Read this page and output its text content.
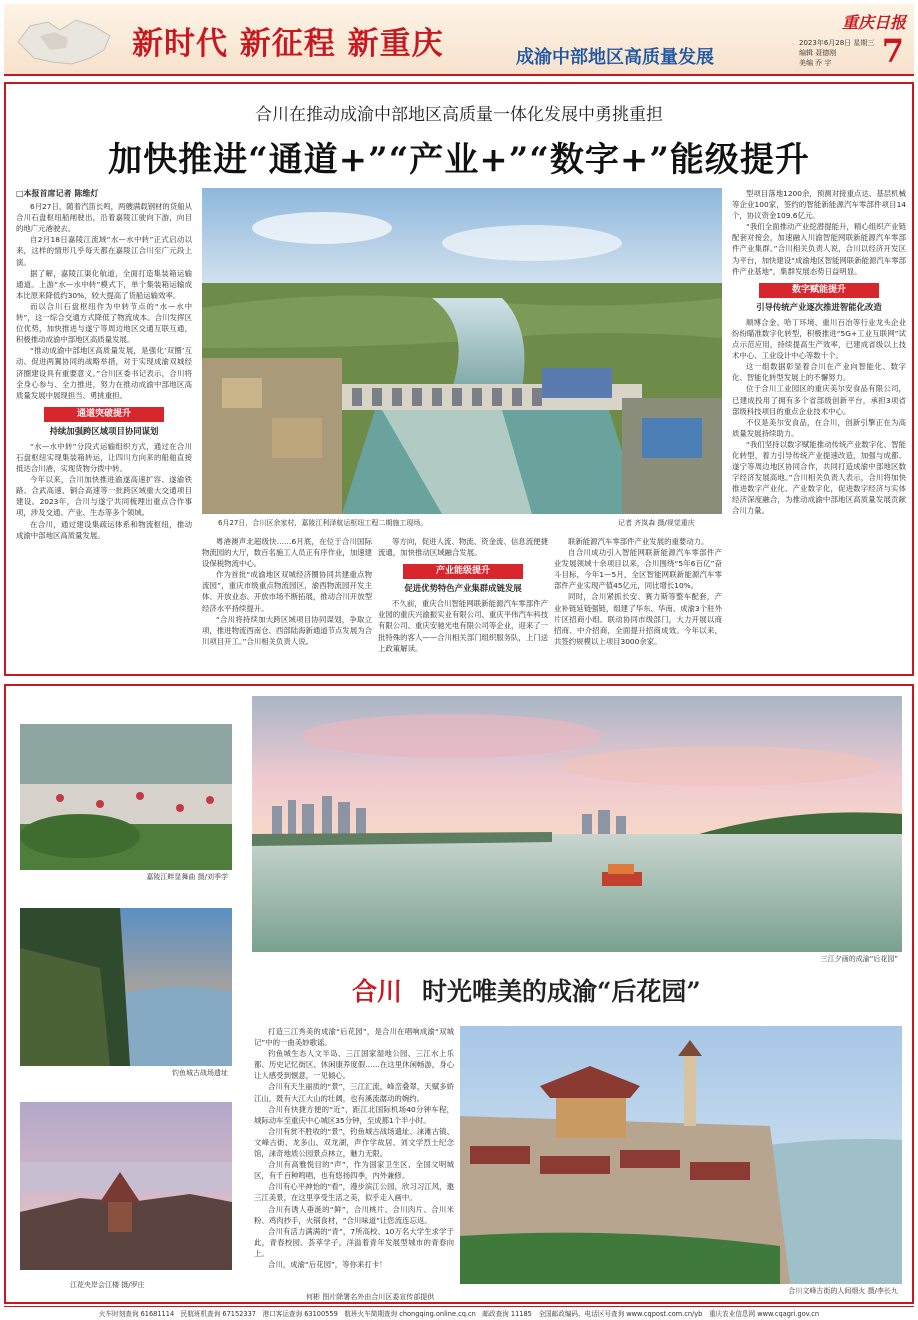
新时代 新征程 新重庆	成渝中部地区高质量发展
重庆日报
2023年6月28日 星期三
编辑 聂德刚
美编 乔 宇	7
合川在推动成渝中部地区高质量一体化发展中勇挑重担
加快推进“通道+”“产业+”“数字+”能级提升

□本报首席记者 陈维灯

6月27日，随着汽笛长鸣，两艘满载钢材的货船从合川石盘枢纽船闸驶出，沿着嘉陵江驶向下游，向目的地广元港驶去。

自2月18日嘉陵江流域“水—水中转”正式启动以来，这样的情形几乎每天都在嘉陵江合川至广元段上演。

据了解，嘉陵江渠化航道，全面打造集装箱运输通道。上游“水—水中转”模式下，单个集装箱运输成本比原来降低约30%，较大提高了货船运输效率。

而以合川石盘枢纽作为中转节点的“水—水中转”，这一综合交通方式降低了物流成本。合川发挥区位优势，加快推进与遂宁等周边地区交通互联互通，积极推动成渝中部地区高质量发展。

“推动成渝中部地区高质量发展，是强化‘双圈’互动、促进两翼协同的战略举措，对于实现成渝双城经济圈建设具有重要意义。”合川区委书记表示，合川将全身心参与、全力推进，努力在推动成渝中部地区高质量发展中展现担当、勇挑重担。

通道突破提升

持续加强跨区域项目协同谋划

“水—水中转”分段式运输组织方式，通过在合川石盘枢纽实现集装箱转运，让四川方向来的船舶直接抵达合川港，实现货物分拨中转。

今年以来，合川加快推进渝遂高速扩容、遂渝铁路、合武高速、铜合高速等一批跨区域重大交通项目建设。2023年，合川与遂宁共同梳理出重点合作事项，涉及交通、产业、生态等多个领域。

在合川，通过建设集疏运体系和物流枢纽，推动成渝中部地区高质量发展。

6月27日，合川区余家村，嘉陵江利泽航运枢纽工程二期施工现场。	记者 齐岚森 摄/视觉重庆

粤港澳声北超级快……6月底，在位于合川国际物流园的大厅，数百名施工人员正有序作业，加速建设保税物流中心。

作为首批“成渝地区双城经济圈协同共建重点物流园”，重庆市级重点物流园区，渝西物流园开发主体、开放业态、开放市场不断拓展，推动合川开放型经济水平持续提升。

“合川将持续加大跨区域项目协同谋划，争取立项，推进物流西南仓、西部陆海新通道节点发展为合川项目开工。”合川相关负责人说。

等方向，促进人流、物流、资金流、信息流便捷流通，加快推动区域融合发展。

产业能级提升

促进优势特色产业集群成链发展

不久前，重庆合川智能网联新能源汽车零部件产业园的重庆兴渝振实业有限公司、重庆平伟汽车科技有限公司、重庆安驰光电有限公司等企业，迎来了一批特殊的客人——合川相关部门组织服务队，上门送上政策解读。

联新能源汽车零部件产业发展的重要动力。

自合川成功引入智能网联新能源汽车零部件产业发展领域十余项目以来，合川围绕“5年6百亿”奋斗目标，今年1—5月，全区智能网联新能源汽车零部件产业实现产值45亿元，同比增长10%。

同时，合川紧抓长安、赛力斯等整车配套，产业补链延链强链，组建了华东、华南、成渝3个驻外片区招商小组。联动协同市级部门，大力开展以商招商、中介招商，全面提升招商成效。今年以来，共签约规模以上项目3000余家。

型项目落地1200余，预测对接重点达、基层机械等企业100家，签约的智能新能源汽车零部件项目14个，协议资金109.6亿元。

“我们全面推动产业挖潜提能升，精心组织产业链配套对接会，加速融入川渝智能网联新能源汽车零部件产业集群。”合川相关负责人说，合川以经济开发区为平台，加快建设“成渝地区智能网联新能源汽车零部件产业基地”，集群发展态势日益明显。

数字赋能提升

引导传统产业逐次推进智能化改造

顺博合金、哈丁环境、重川百冶等行业龙头企业纷纷瞄准数字化转型，积极推进“5G+工业互联网”试点示范应用，持续提高生产效率，已建成省级以上技术中心、工业设计中心等数十个。

这一组数据彰显着合川在产业向智能化、数字化、智能化转型发展上的不懈努力。

位于合川工业园区的重庆美尔安食品有限公司，已建成投用了拥有多个省部级创新平台，承担3项省部级科技项目的重点企业技术中心。

不仅是美尔安食品，在合川，创新引擎正在为高质量发展持续助力。

“我们坚持以数字赋能推动传统产业数字化、智能化转型，着力引导传统产业提速改造，加强与成都、遂宁等周边地区协同合作，共同打造成渝中部地区数字经济发展高地。”合川相关负责人表示，合川将加快推进数字产业化、产业数字化，促进数字经济与实体经济深度融合，为推动成渝中部地区高质量发展贡献合川力量。

嘉陵江畔显舞曲 摄/刘季学
钓鱼城古战场遗址
江花夹岸会江楼 摄/罗庄
三江夕画的成渝“后花园”
合川 时光唯美的成渝“后花园”

打造三江秀美的成渝“后花园”，是合川在唱响成渝“双城记”中的一曲美妙歌谣。

钓鱼城生态人文半岛、三江国家湿地公园、三江水上乐都、历史记忆街区、休闲康养度假……在这里休闲畅游，身心让人感受到惬意，一见倾心。

合川有天生丽质的“景”，三江汇流，峰峦叠翠，天赋多娇江山，既有大江大山的壮阔，也有溪流潺动的婉约。

合川有快捷方便的“近”，距江北国际机场40分钟车程，城际动车至重庆中心城区35分钟，至成都1个半小时。

合川有赏不胜收的“景”，钓鱼城古战场遗址、涞滩古镇、文峰古街、龙多山、双龙湖，声作学故居、刘文学烈士纪念馆，涞奇地质公园景点林立，魅力无限。

合川有高雅悦目的“声”，作为国家卫生区、全国文明城区，有千百种鸣唱，也有悠扬四季，内外兼修。

合川有心平神怡的“看”，漫步滨江公园，欣习习江风，邀三江美景，在这里享受生活之美，似乎走入画中。

合川有诱人垂涎的“鲜”，合川桃片、合川肉片、合川米粉、鸡肉抄手，火锅食材，“合川味道”让您流连忘返。

合川有活力满满的“青”，7所高校、10万名大学生求学于此，青春校园、荟萃学子，洋溢着青年发展型城市的青春向上。

合川，成渝“后花园”，等你来打卡！

何彬 图片除署名外由合川区委宣传部提供
合川文峰古街的人间烟火 摄/李长九
火车时刻查询 61681114　民航班机查询 67152337　港口客运查询 63100559　航班火车简期查询 chongqing.online.cq.cn　邮政查询 11185　全国邮政编码、电话区号查询 www.cqpost.com.cn/yb　重庆农业信息网 www.cqagri.gov.cn
